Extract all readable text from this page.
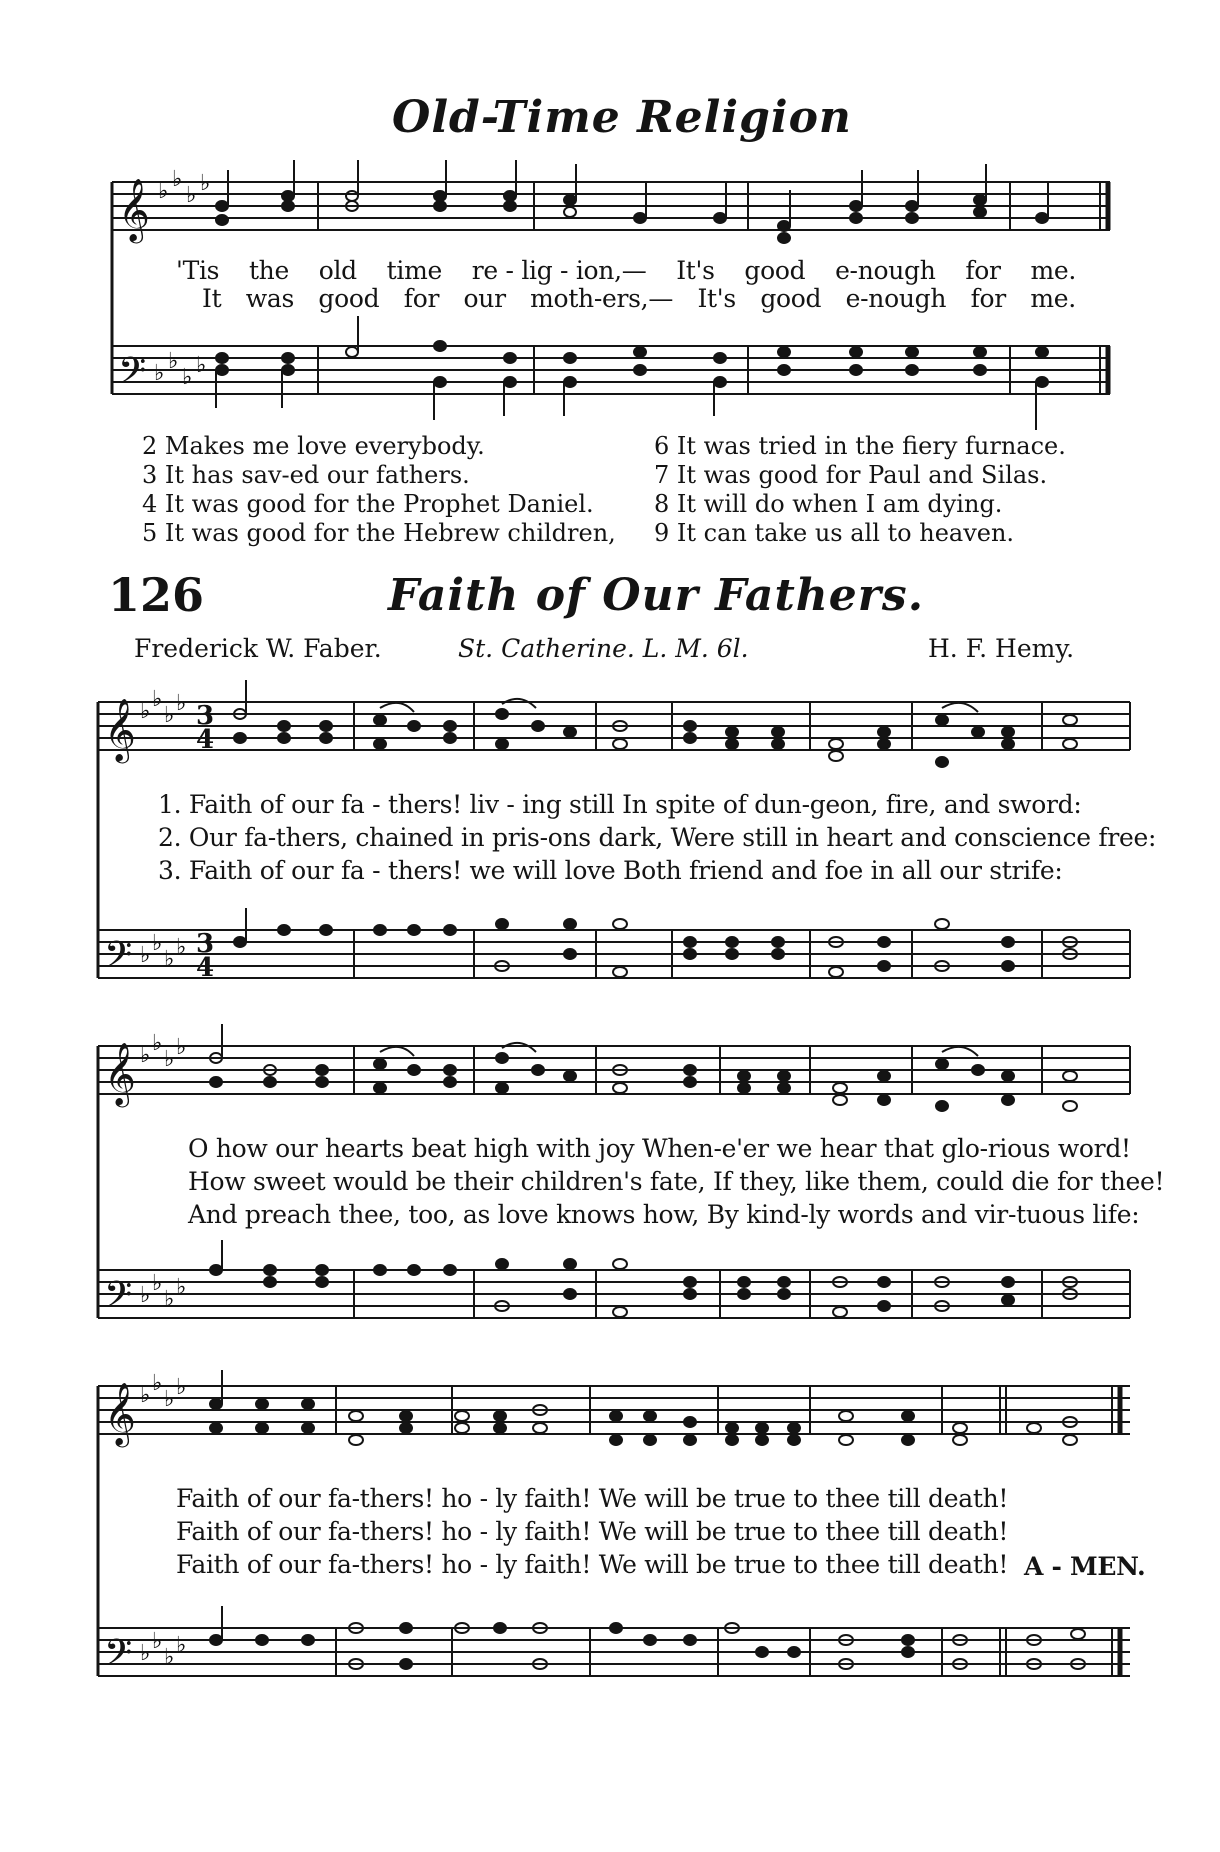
Old-Time Religion
𝄞
𝄢
♭ ♭
♭ ♭
♭ ♭
♭ ♭
𝄞
𝄢
♭ ♭
♭ ♭
♭ ♭
♭ ♭
3
4
3
4
𝄞
𝄢
♭ ♭
♭ ♭
♭ ♭
♭ ♭
𝄞
𝄢
♭ ♭
♭ ♭
♭ ♭
♭ ♭
'Tis the old time re - lig - ion,— It's good e-nough for me.
It was good for our moth-ers,— It's good e-nough for me.
2 Makes me love everybody.
3 It has sav-ed our fathers.
4 It was good for the Prophet Daniel.
5 It was good for the Hebrew children,
6 It was tried in the fiery furnace.
7 It was good for Paul and Silas.
8 It will do when I am dying.
9 It can take us all to heaven.
126	Faith of Our Fathers.
Frederick W. Faber.	St. Catherine. L. M. 6l.	H. F. Hemy.
1. Faith of our fa - thers! liv - ing still In spite of dun-geon, fire, and sword:
2. Our fa-thers, chained in pris-ons dark, Were still in heart and conscience free:
3. Faith of our fa - thers! we will love Both friend and foe in all our strife:
O how our hearts beat high with joy When-e'er we hear that glo-rious word!
How sweet would be their children's fate, If they, like them, could die for thee!
And preach thee, too, as love knows how, By kind-ly words and vir-tuous life:
Faith of our fa-thers! ho - ly faith! We will be true to thee till death!
Faith of our fa-thers! ho - ly faith! We will be true to thee till death!
Faith of our fa-thers! ho - ly faith! We will be true to thee till death! A - MEN.
